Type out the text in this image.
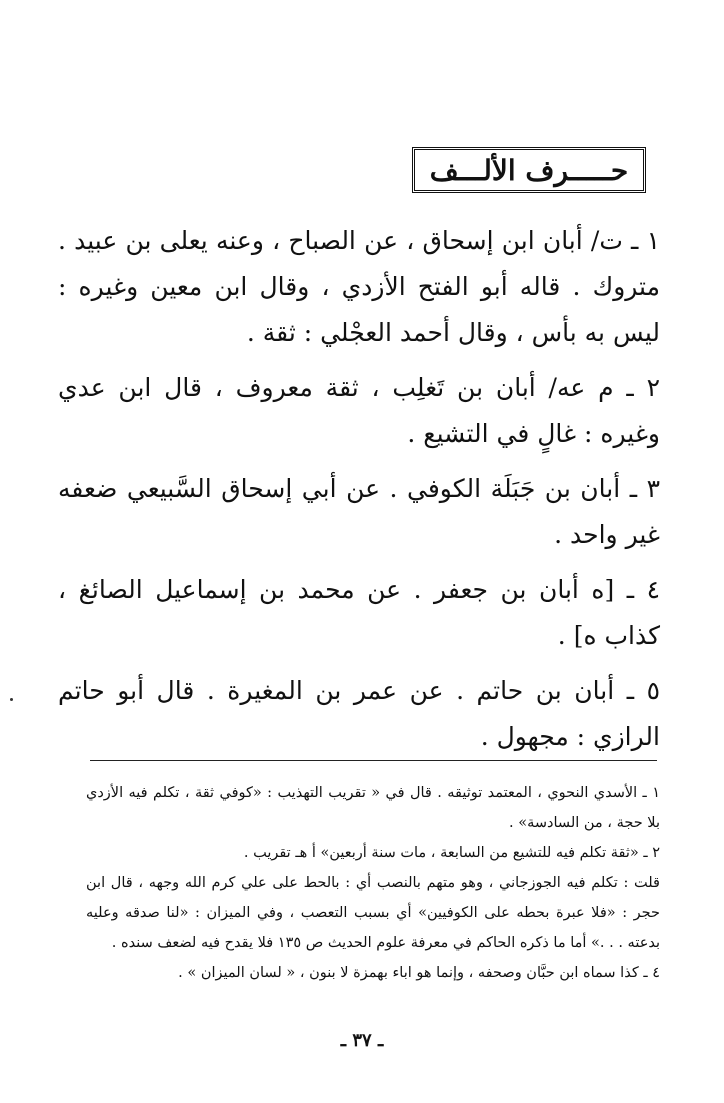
حـــــرف الألـــف

١ ـ ت/ أبان ابن إسحاق ، عن الصباح ، وعنه يعلى بن عبيد . متروك . قاله أبو الفتح الأزدي ، وقال ابن معين وغيره : ليس به بأس ، وقال أحمد العجْلي : ثقة .

٢ ـ م عه/ أبان بن تَغلِب ، ثقة معروف ، قال ابن عدي وغيره : غالٍ في التشيع .

٣ ـ أبان بن جَبَلَة الكوفي . عن أبي إسحاق السَّبيعي ضعفه غير واحد .

٤ ـ [ه أبان بن جعفر . عن محمد بن إسماعيل الصائغ ، كذاب ه] .

٥ ـ أبان بن حاتم . عن عمر بن المغيرة . قال أبو حاتم الرازي : مجهول .

١ ـ الأسدي النحوي ، المعتمد توثيقه . قال في « تقريب التهذيب : «كوفي ثقة ، تكلم فيه الأزدي بلا حجة ، من السادسة» .

٢ ـ «ثقة تكلم فيه للتشيع من السابعة ، مات سنة أربعين» أ هـ تقريب .

قلت : تكلم فيه الجوزجاني ، وهو متهم بالنصب أي : بالحط على علي كرم الله وجهه ، قال ابن حجر : «فلا عبرة بحطه على الكوفيين» أي بسبب التعصب ، وفي الميزان : «لنا صدقه وعليه بدعته . . .» أما ما ذكره الحاكم في معرفة علوم الحديث ص ١٣٥ فلا يقدح فيه لضعف سنده .

٤ ـ كذا سماه ابن حبَّان وصحفه ، وإنما هو اباء بهمزة لا بنون ، « لسان الميزان » .

ـ ٣٧ ـ
